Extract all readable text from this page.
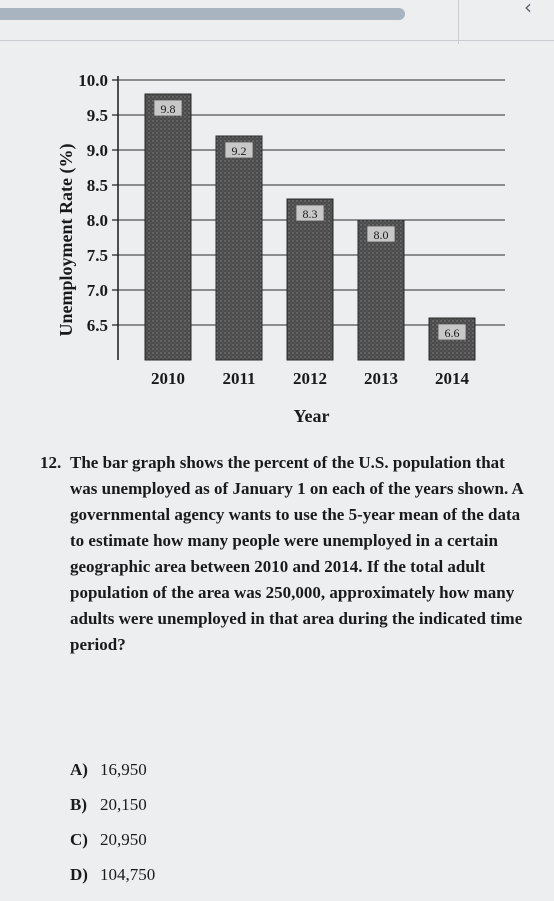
‹
6.5
7.0
7.5
8.0
8.5
9.0
9.5
10.0
Unemployment Rate (%)
9.8
2010
9.2
2011
8.3
2012
8.0
2013
6.6
2014
Year
12. The bar graph shows the percent of the U.S. population that was unemployed as of January 1 on each of the years shown. A governmental agency wants to use the 5-year mean of the data to estimate how many people were unemployed in a certain geographic area between 2010 and 2014. If the total adult population of the area was 250,000, approximately how many adults were unemployed in that area during the indicated time period?
A) 16,950
B) 20,150
C) 20,950
D) 104,750
